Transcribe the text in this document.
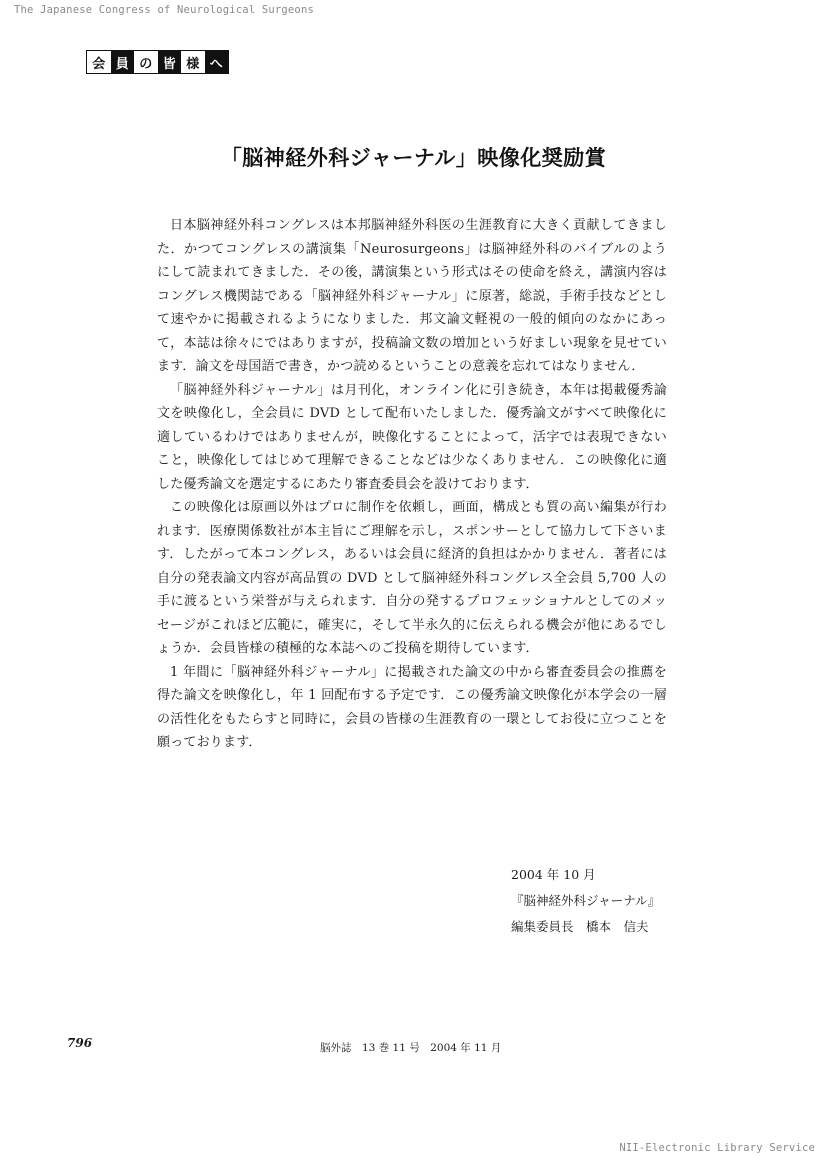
The Japanese Congress of Neurological Surgeons
会 員 の 皆 様 へ
「脳神経外科ジャーナル」映像化奨励賞

日本脳神経外科コングレスは本邦脳神経外科医の生涯教育に大きく貢献してきました．かつてコングレスの講演集「Neurosurgeons」は脳神経外科のバイブルのようにして読まれてきました．その後，講演集という形式はその使命を終え，講演内容はコングレス機関誌である「脳神経外科ジャーナル」に原著，総説，手術手技などとして速やかに掲載されるようになりました．邦文論文軽視の一般的傾向のなかにあって，本誌は徐々にではありますが，投稿論文数の増加という好ましい現象を見せています．論文を母国語で書き，かつ読めるということの意義を忘れてはなりません．

「脳神経外科ジャーナル」は月刊化，オンライン化に引き続き，本年は掲載優秀論文を映像化し，全会員に DVD として配布いたしました．優秀論文がすべて映像化に適しているわけではありませんが，映像化することによって，活字では表現できないこと，映像化してはじめて理解できることなどは少なくありません．この映像化に適した優秀論文を選定するにあたり審査委員会を設けております．

この映像化は原画以外はプロに制作を依頼し，画面，構成とも質の高い編集が行われます．医療関係数社が本主旨にご理解を示し，スポンサーとして協力して下さいます．したがって本コングレス，あるいは会員に経済的負担はかかりません．著者には自分の発表論文内容が高品質の DVD として脳神経外科コングレス全会員 5,700 人の手に渡るという栄誉が与えられます．自分の発するプロフェッショナルとしてのメッセージがこれほど広範に，確実に，そして半永久的に伝えられる機会が他にあるでしょうか．会員皆様の積極的な本誌へのご投稿を期待しています．

1 年間に「脳神経外科ジャーナル」に掲載された論文の中から審査委員会の推薦を得た論文を映像化し，年 1 回配布する予定です．この優秀論文映像化が本学会の一層の活性化をもたらすと同時に，会員の皆様の生涯教育の一環としてお役に立つことを願っております．

2004 年 10 月
『脳神経外科ジャーナル』
編集委員長　橋本　信夫
796	脳外誌　13 巻 11 号　2004 年 11 月
NII-Electronic Library Service
